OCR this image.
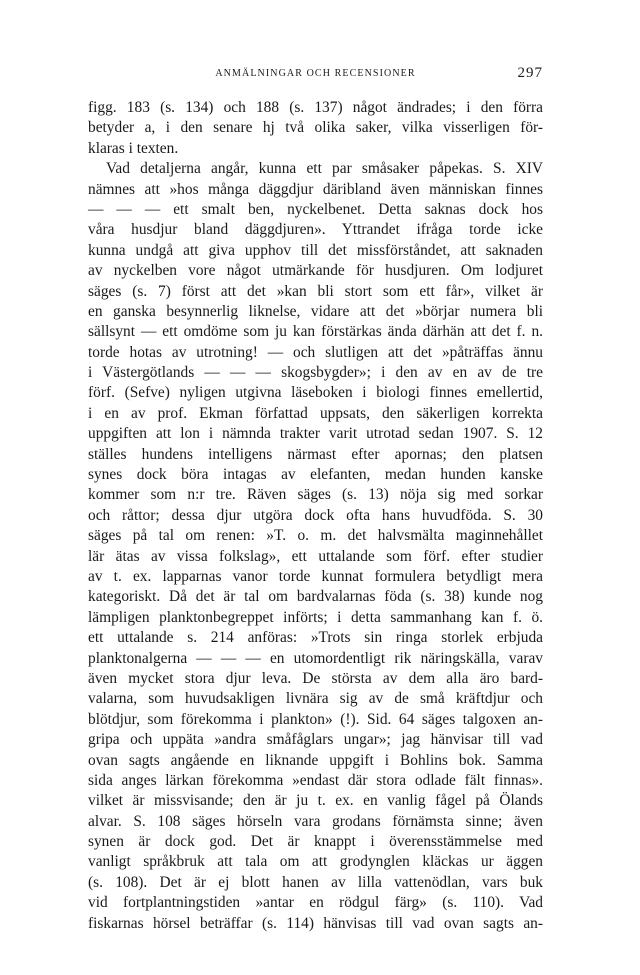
ANMÄLNINGAR OCH RECENSIONER	297
figg. 183 (s. 134) och 188 (s. 137) något ändrades; i den förra
betyder a, i den senare hj två olika saker, vilka visserligen för-
klaras i texten.
Vad detaljerna angår, kunna ett par småsaker påpekas. S. XIV
nämnes att »hos många däggdjur däribland även människan finnes
— — — ett smalt ben, nyckelbenet. Detta saknas dock hos
våra husdjur bland däggdjuren». Yttrandet ifråga torde icke
kunna undgå att giva upphov till det missförståndet, att saknaden
av nyckelben vore något utmärkande för husdjuren. Om lodjuret
säges (s. 7) först att det »kan bli stort som ett får», vilket är
en ganska besynnerlig liknelse, vidare att det »börjar numera bli
sällsynt — ett omdöme som ju kan förstärkas ända därhän att det f. n.
torde hotas av utrotning! — och slutligen att det »påträffas ännu
i Västergötlands — — — skogsbygder»; i den av en av de tre
förf. (Sefve) nyligen utgivna läseboken i biologi finnes emellertid,
i en av prof. Ekman författad uppsats, den säkerligen korrekta
uppgiften att lon i nämnda trakter varit utrotad sedan 1907. S. 12
ställes hundens intelligens närmast efter apornas; den platsen
synes dock böra intagas av elefanten, medan hunden kanske
kommer som n:r tre. Räven säges (s. 13) nöja sig med sorkar
och råttor; dessa djur utgöra dock ofta hans huvudföda. S. 30
säges på tal om renen: »T. o. m. det halvsmälta maginnehållet
lär ätas av vissa folkslag», ett uttalande som förf. efter studier
av t. ex. lapparnas vanor torde kunnat formulera betydligt mera
kategoriskt. Då det är tal om bardvalarnas föda (s. 38) kunde nog
lämpligen planktonbegreppet införts; i detta sammanhang kan f. ö.
ett uttalande s. 214 anföras: »Trots sin ringa storlek erbjuda
planktonalgerna — — — en utomordentligt rik näringskälla, varav
även mycket stora djur leva. De största av dem alla äro bard-
valarna, som huvudsakligen livnära sig av de små kräftdjur och
blötdjur, som förekomma i plankton» (!). Sid. 64 säges talgoxen an-
gripa och uppäta »andra småfåglars ungar»; jag hänvisar till vad
ovan sagts angående en liknande uppgift i Bohlins bok. Samma
sida anges lärkan förekomma »endast där stora odlade fält finnas».
vilket är missvisande; den är ju t. ex. en vanlig fågel på Ölands
alvar. S. 108 säges hörseln vara grodans förnämsta sinne; även
synen är dock god. Det är knappt i överensstämmelse med
vanligt språkbruk att tala om att grodynglen kläckas ur äggen
(s. 108). Det är ej blott hanen av lilla vattenödlan, vars buk
vid fortplantningstiden »antar en rödgul färg» (s. 110). Vad
fiskarnas hörsel beträffar (s. 114) hänvisas till vad ovan sagts an-
